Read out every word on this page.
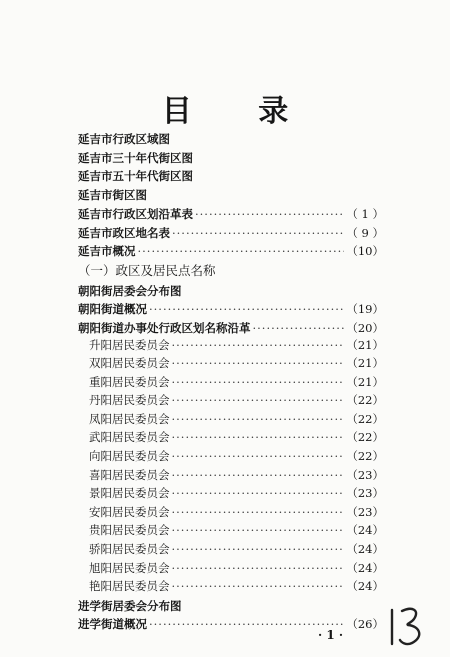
目 录
延吉市行政区域图
延吉市三十年代街区图
延吉市五十年代街区图
延吉市街区图
延吉市行政区划沿革表 ·····	（ 1 ）
延吉市政区地名表 ·····	（ 9 ）
延吉市概况 ·····	（10）
（一）政区及居民点名称
朝阳街居委会分布图
朝阳街道概况 ·····	（19）
朝阳街道办事处行政区划名称沿革 ·····	（20）
升阳居民委员会 ·····	（21）
双阳居民委员会 ·····	（21）
重阳居民委员会 ·····	（21）
丹阳居民委员会 ·····	（22）
凤阳居民委员会 ·····	（22）
武阳居民委员会 ·····	（22）
向阳居民委员会 ·····	（22）
喜阳居民委员会 ·····	（23）
景阳居民委员会 ·····	（23）
安阳居民委员会 ·····	（23）
贵阳居民委员会 ·····	（24）
骄阳居民委员会 ·····	（24）
旭阳居民委员会 ·····	（24）
艳阳居民委员会 ·····	（24）
进学街居委会分布图
进学街道概况 ·····	（26）
· 1 ·
